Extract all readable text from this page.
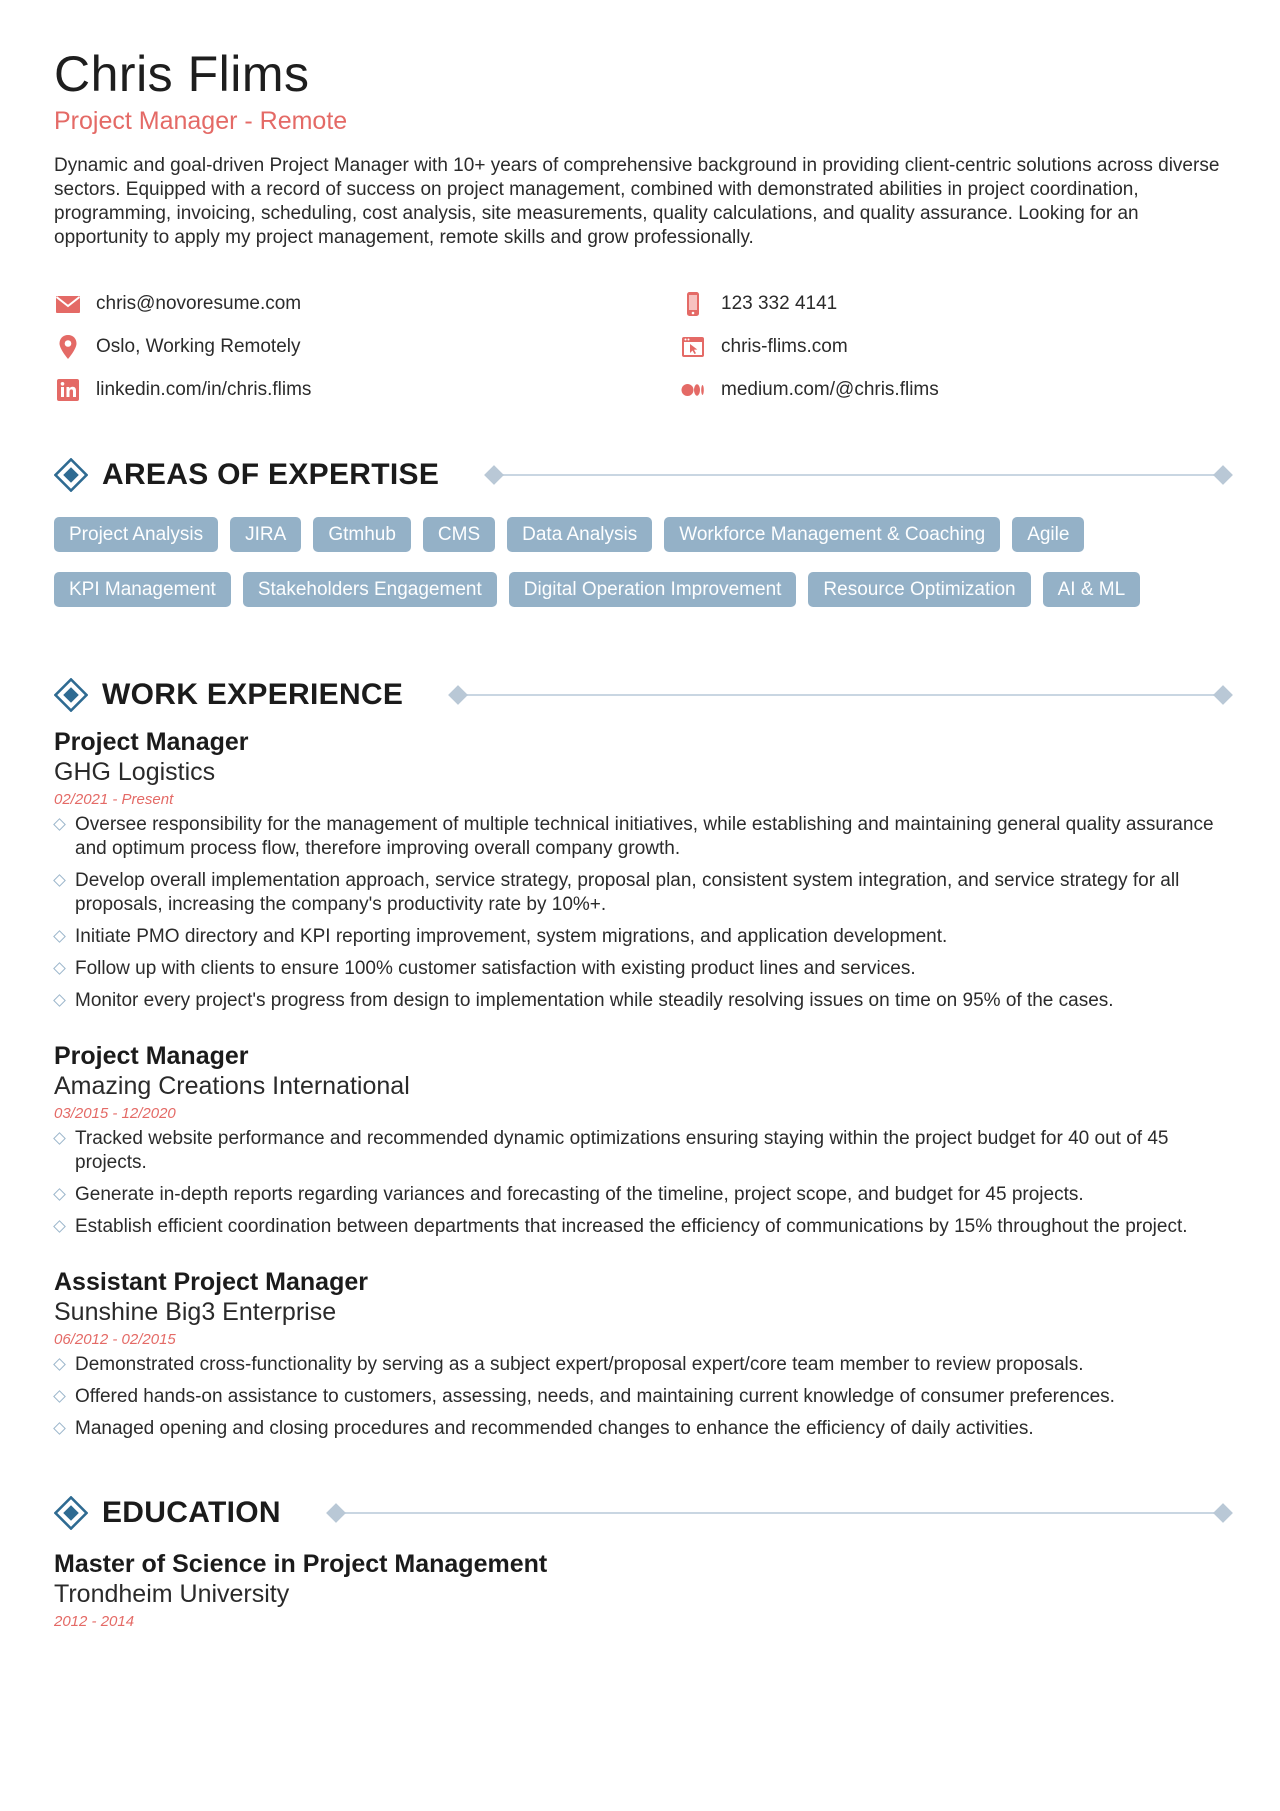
Chris Flims
Project Manager - Remote

Dynamic and goal-driven Project Manager with 10+ years of comprehensive background in providing client-centric solutions across diverse sectors. Equipped with a record of success on project management, combined with demonstrated abilities in project coordination, programming, invoicing, scheduling, cost analysis, site measurements, quality calculations, and quality assurance. Looking for an opportunity to apply my project management, remote skills and grow professionally.

chris@novoresume.com	123 332 4141
Oslo, Working Remotely	chris-flims.com
linkedin.com/in/chris.flims	medium.com/@chris.flims
AREAS OF EXPERTISE
Project Analysis	JIRA	Gtmhub	CMS	Data Analysis	Workforce Management & Coaching	Agile
KPI Management	Stakeholders Engagement	Digital Operation Improvement	Resource Optimization	AI & ML
WORK EXPERIENCE
Project Manager
GHG Logistics
02/2021 - Present
Oversee responsibility for the management of multiple technical initiatives, while establishing and maintaining general quality assurance and optimum process flow, therefore improving overall company growth.
Develop overall implementation approach, service strategy, proposal plan, consistent system integration, and service strategy for all proposals, increasing the company's productivity rate by 10%+.
Initiate PMO directory and KPI reporting improvement, system migrations, and application development.
Follow up with clients to ensure 100% customer satisfaction with existing product lines and services.
Monitor every project's progress from design to implementation while steadily resolving issues on time on 95% of the cases.
Project Manager
Amazing Creations International
03/2015 - 12/2020
Tracked website performance and recommended dynamic optimizations ensuring staying within the project budget for 40 out of 45 projects.
Generate in-depth reports regarding variances and forecasting of the timeline, project scope, and budget for 45 projects.
Establish efficient coordination between departments that increased the efficiency of communications by 15% throughout the project.
Assistant Project Manager
Sunshine Big3 Enterprise
06/2012 - 02/2015
Demonstrated cross-functionality by serving as a subject expert/proposal expert/core team member to review proposals.
Offered hands-on assistance to customers, assessing, needs, and maintaining current knowledge of consumer preferences.
Managed opening and closing procedures and recommended changes to enhance the efficiency of daily activities.
EDUCATION
Master of Science in Project Management
Trondheim University
2012 - 2014
